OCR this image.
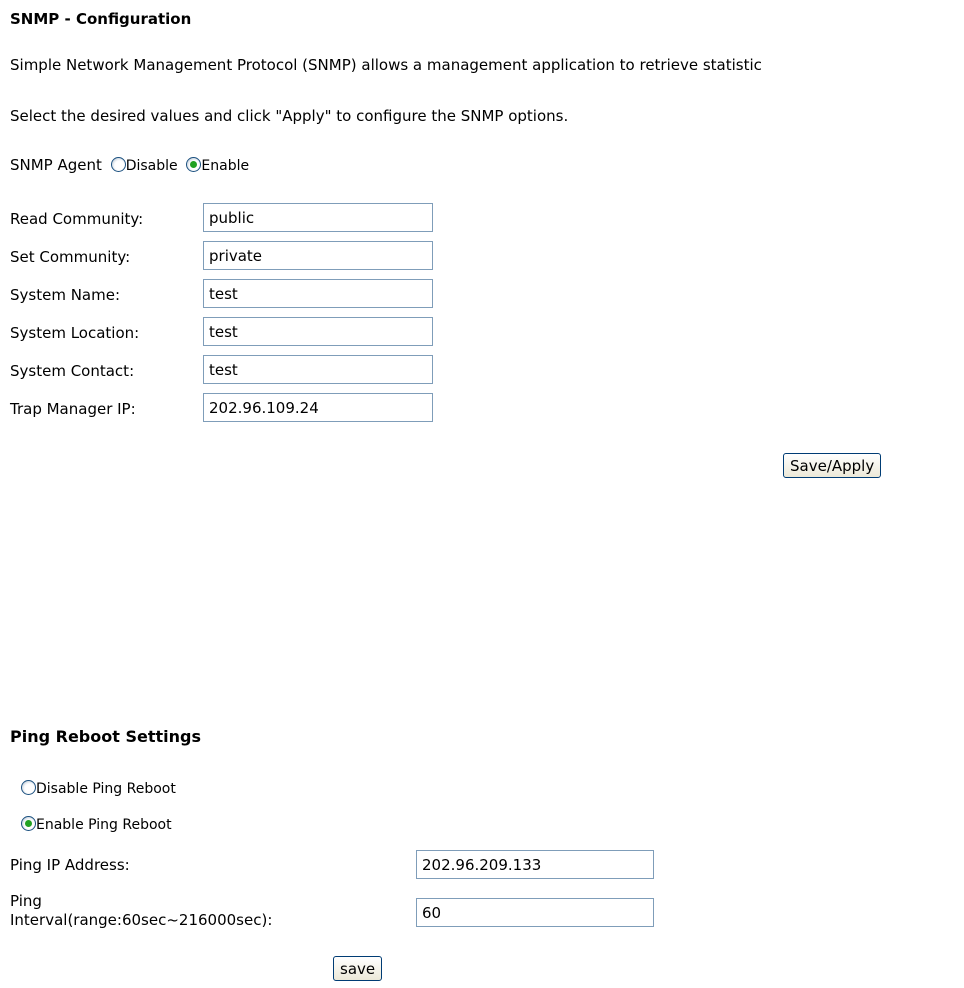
SNMP - Configuration
Simple Network Management Protocol (SNMP) allows a management application to retrieve statistic
Select the desired values and click "Apply" to configure the SNMP options.
SNMP Agent Disable Enable
Read Community:
public
Set Community:
private
System Name:
test
System Location:
test
System Contact:
test
Trap Manager IP:
202.96.109.24
Save/Apply
Ping Reboot Settings
Disable Ping Reboot
Enable Ping Reboot
Ping IP Address:
202.96.209.133
Ping
Interval(range:60sec~216000sec):
60
save
